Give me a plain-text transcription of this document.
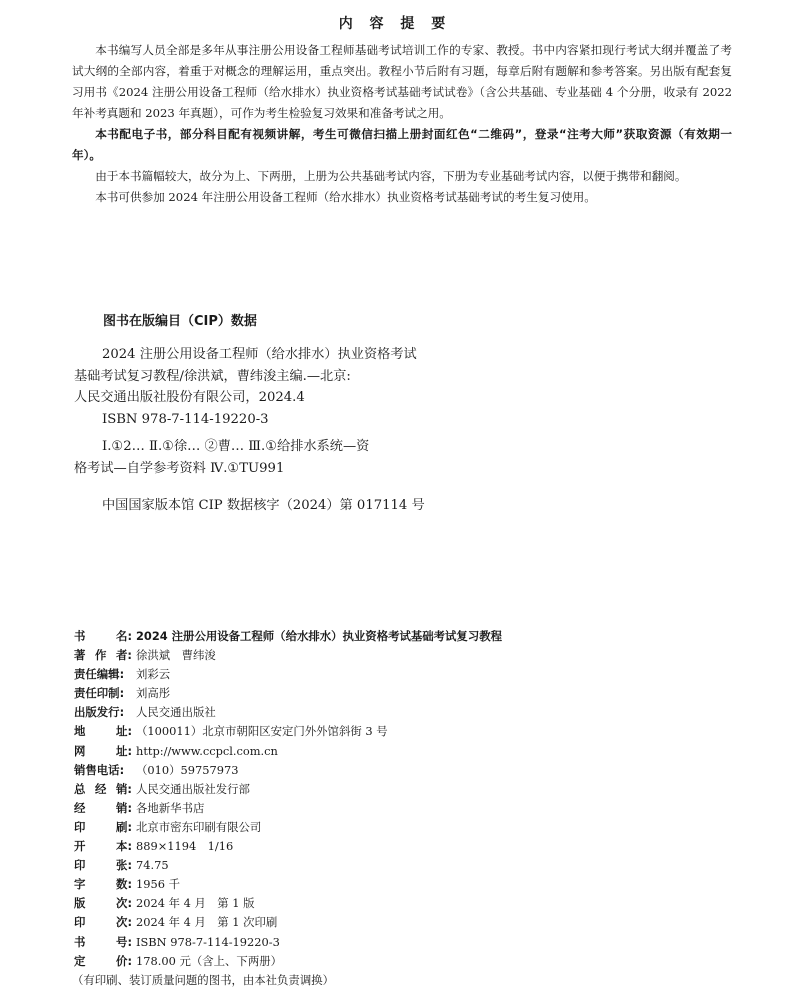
内 容 提 要

本书编写人员全部是多年从事注册公用设备工程师基础考试培训工作的专家、教授。书中内容紧扣现行考试大纲并覆盖了考试大纲的全部内容，着重于对概念的理解运用，重点突出。教程小节后附有习题，每章后附有题解和参考答案。另出版有配套复习用书《2024 注册公用设备工程师（给水排水）执业资格考试基础考试试卷》（含公共基础、专业基础 4 个分册，收录有 2022 年补考真题和 2023 年真题），可作为考生检验复习效果和准备考试之用。

本书配电子书，部分科目配有视频讲解，考生可微信扫描上册封面红色“二维码”，登录“注考大师”获取资源（有效期一年）。

由于本书篇幅较大，故分为上、下两册，上册为公共基础考试内容，下册为专业基础考试内容，以便于携带和翻阅。

本书可供参加 2024 年注册公用设备工程师（给水排水）执业资格考试基础考试的考生复习使用。

图书在版编目（CIP）数据
2024 注册公用设备工程师（给水排水）执业资格考试
基础考试复习教程/徐洪斌，曹纬浚主编.—北京:
人民交通出版社股份有限公司，2024.4
ISBN 978-7-114-19220-3
Ⅰ.①2… Ⅱ.①徐… ②曹… Ⅲ.①给排水系统—资
格考试—自学参考资料 Ⅳ.①TU991
中国国家版本馆 CIP 数据核字（2024）第 017114 号
书	名: 2024 注册公用设备工程师（给水排水）执业资格考试基础考试复习教程
著 作 者: 徐洪斌　曹纬浚
责任编辑:	刘彩云
责任印制:	刘高彤
出版发行:	人民交通出版社
地	址: （100011）北京市朝阳区安定门外外馆斜街 3 号
网	址: http://www.ccpcl.com.cn
销售电话:	（010）59757973
总 经 销: 人民交通出版社发行部
经	销: 各地新华书店
印	刷: 北京市密东印刷有限公司
开	本: 889×1194　1/16
印	张: 74.75
字	数: 1956 千
版	次: 2024 年 4 月　第 1 版
印	次: 2024 年 4 月　第 1 次印刷
书	号: ISBN 978-7-114-19220-3
定	价: 178.00 元（含上、下两册）
（有印刷、装订质量问题的图书，由本社负责调换）
